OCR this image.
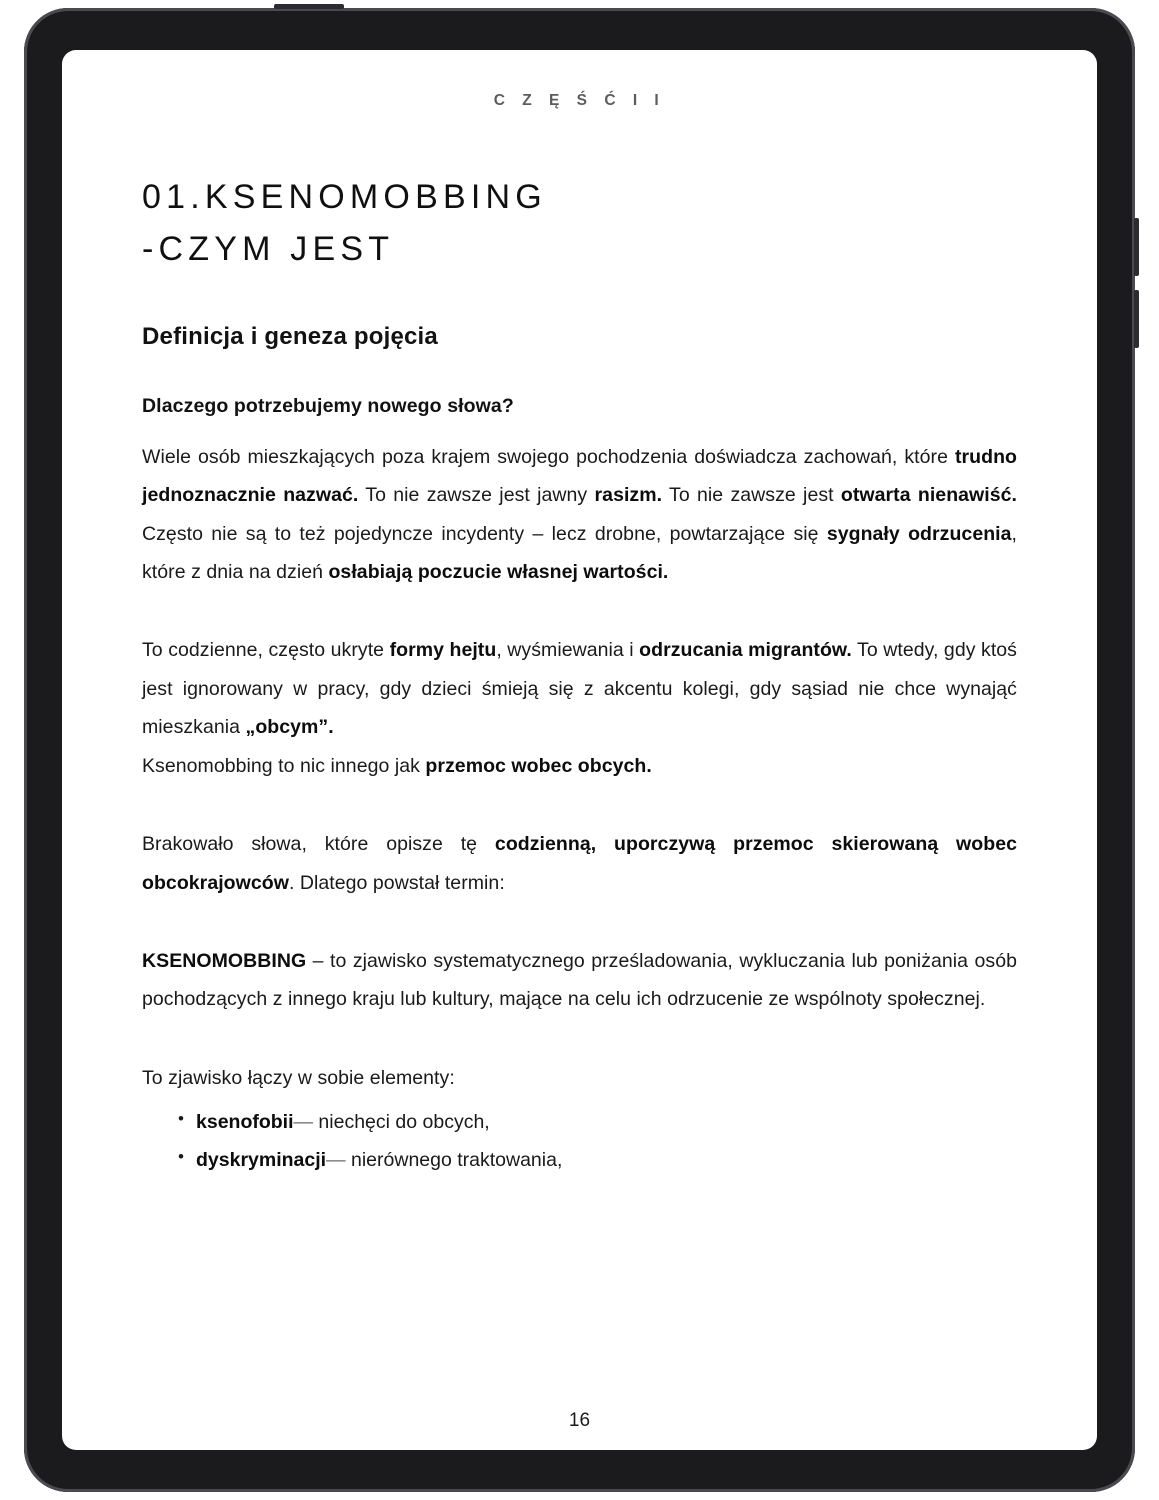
C Z Ę Ś Ć I I
01.KSENOMOBBING
-CZYM JEST
Definicja i geneza pojęcia
Dlaczego potrzebujemy nowego słowa?

Wiele osób mieszkających poza krajem swojego pochodzenia doświadcza zachowań, które trudno jednoznacznie nazwać. To nie zawsze jest jawny rasizm. To nie zawsze jest otwarta nienawiść. Często nie są to też pojedyncze incydenty – lecz drobne, powtarzające się sygnały odrzucenia, które z dnia na dzień osłabiają poczucie własnej wartości.

To codzienne, często ukryte formy hejtu, wyśmiewania i odrzucania migrantów. To wtedy, gdy ktoś jest ignorowany w pracy, gdy dzieci śmieją się z akcentu kolegi, gdy sąsiad nie chce wynająć mieszkania „obcym”.

Ksenomobbing to nic innego jak przemoc wobec obcych.

Brakowało słowa, które opisze tę codzienną, uporczywą przemoc skierowaną wobec obcokrajowców. Dlatego powstał termin:

KSENOMOBBING – to zjawisko systematycznego prześladowania, wykluczania lub poniżania osób pochodzących z innego kraju lub kultury, mające na celu ich odrzucenie ze wspólnoty społecznej.

To zjawisko łączy w sobie elementy:

• ksenofobii— niechęci do obcych,
• dyskryminacji— nierównego traktowania,
16
